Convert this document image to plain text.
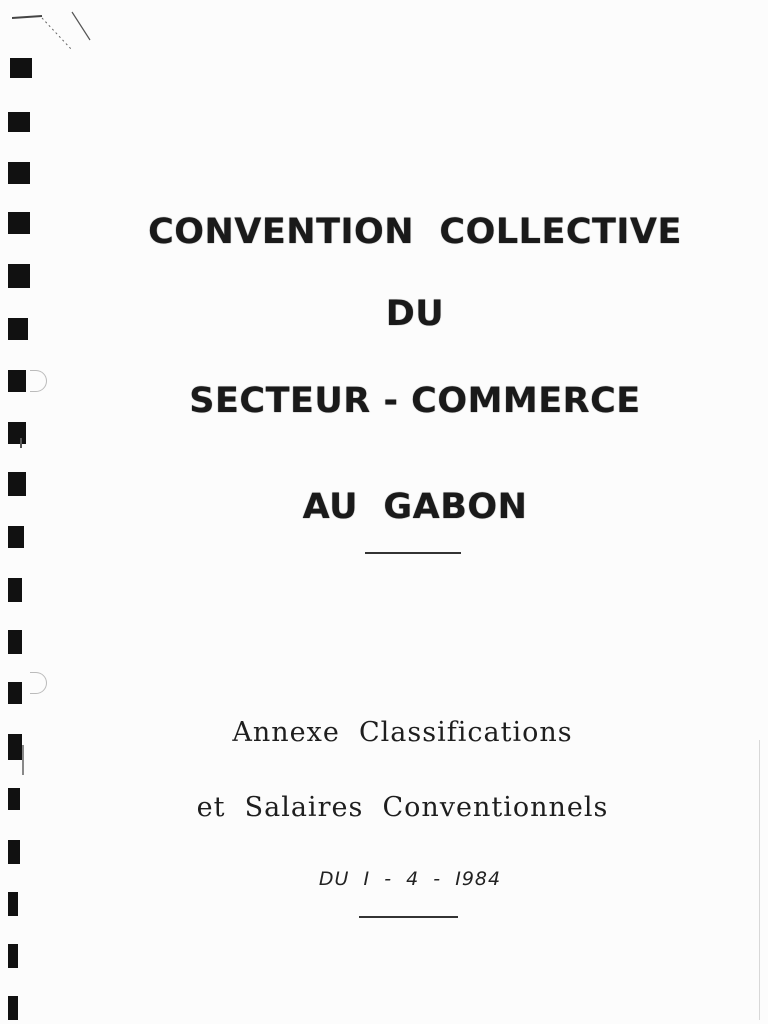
CONVENTION  COLLECTIVE
DU
SECTEUR - COMMERCE
AU  GABON

Annexe  Classifications

et  Salaires  Conventionnels

DU  I  -  4  -  I984
